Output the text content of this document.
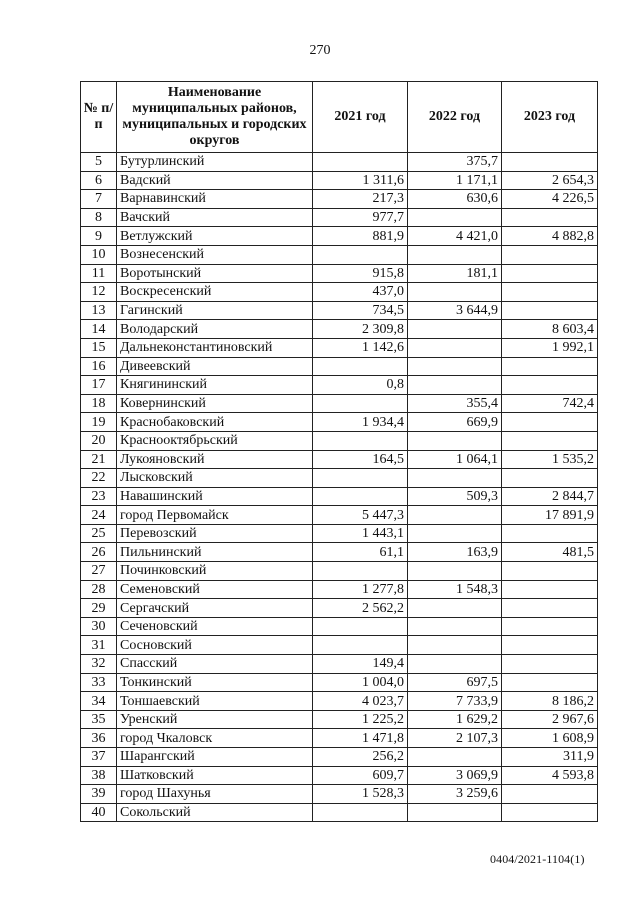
270
№ п/п	Наименование муниципальных районов, муниципальных и городских округов	2021 год	2022 год	2023 год
5	Бутурлинский		375,7	
6	Вадский	1 311,6	1 171,1	2 654,3
7	Варнавинский	217,3	630,6	4 226,5
8	Вачский	977,7		
9	Ветлужский	881,9	4 421,0	4 882,8
10	Вознесенский			
11	Воротынский	915,8	181,1	
12	Воскресенский	437,0		
13	Гагинский	734,5	3 644,9	
14	Володарский	2 309,8		8 603,4
15	Дальнеконстантиновский	1 142,6		1 992,1
16	Дивеевский			
17	Княгининский	0,8		
18	Ковернинский		355,4	742,4
19	Краснобаковский	1 934,4	669,9	
20	Краснооктябрьский			
21	Лукояновский	164,5	1 064,1	1 535,2
22	Лысковский			
23	Навашинский		509,3	2 844,7
24	город Первомайск	5 447,3		17 891,9
25	Перевозский	1 443,1		
26	Пильнинский	61,1	163,9	481,5
27	Починковский			
28	Семеновский	1 277,8	1 548,3	
29	Сергачский	2 562,2		
30	Сеченовский			
31	Сосновский			
32	Спасский	149,4		
33	Тонкинский	1 004,0	697,5	
34	Тоншаевский	4 023,7	7 733,9	8 186,2
35	Уренский	1 225,2	1 629,2	2 967,6
36	город Чкаловск	1 471,8	2 107,3	1 608,9
37	Шарангский	256,2		311,9
38	Шатковский	609,7	3 069,9	4 593,8
39	город Шахунья	1 528,3	3 259,6	
40	Сокольский			
0404/2021-1104(1)
